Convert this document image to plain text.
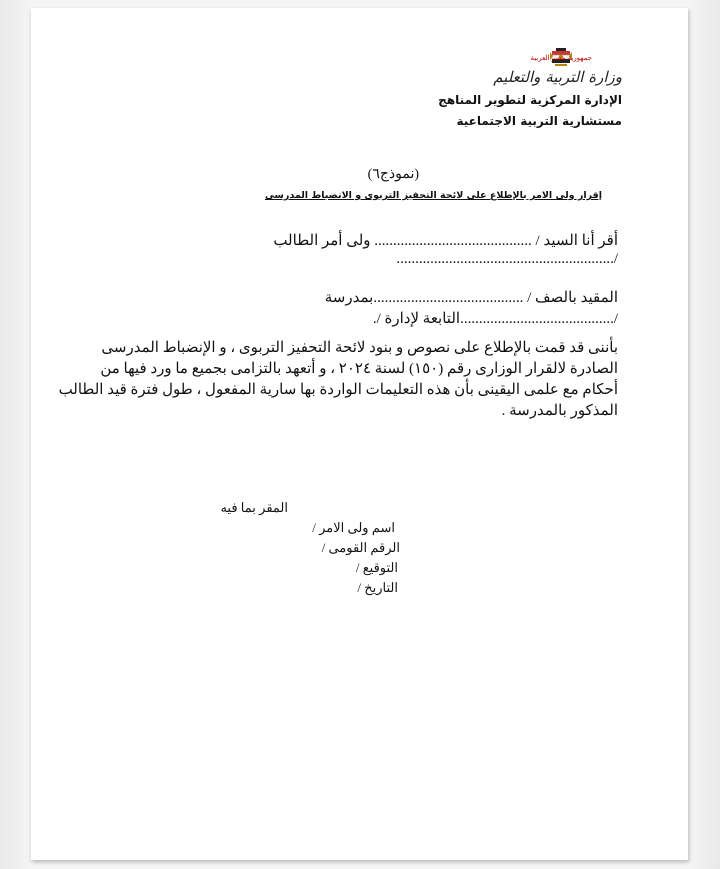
جمهورية مصر العربية
وزارة التربية والتعليم
الإدارة المركزية لتطوير المناهج
مستشارية التربية الاجتماعية
(نموذج٦)
إقرار ولى الامر بالإطلاع على لائحة التحفيز التربوى و الانضباط المدرسى
أقر أنا السيد / .......................................... ولى أمر الطالب
/..........................................................
المقيد بالصف / ........................................بمدرسة
/.........................................التابعة لإدارة /.
بأننى قد قمت بالإطلاع على نصوص و بنود لائحة التحفيز التربوى ، و الإنضباط المدرسى
الصادرة لالقرار الوزارى رقم (١٥٠) لسنة ٢٠٢٤ ، و أتعهد بالتزامى بجميع ما ورد فيها من
أحكام مع علمى اليقينى بأن هذه التعليمات الواردة بها سارية المفعول ، طول فترة قيد الطالب
المذكور بالمدرسة .
المقر بما فيه
اسم ولى الامر /
الرقم القومى /
التوقيع /
التاريخ /
